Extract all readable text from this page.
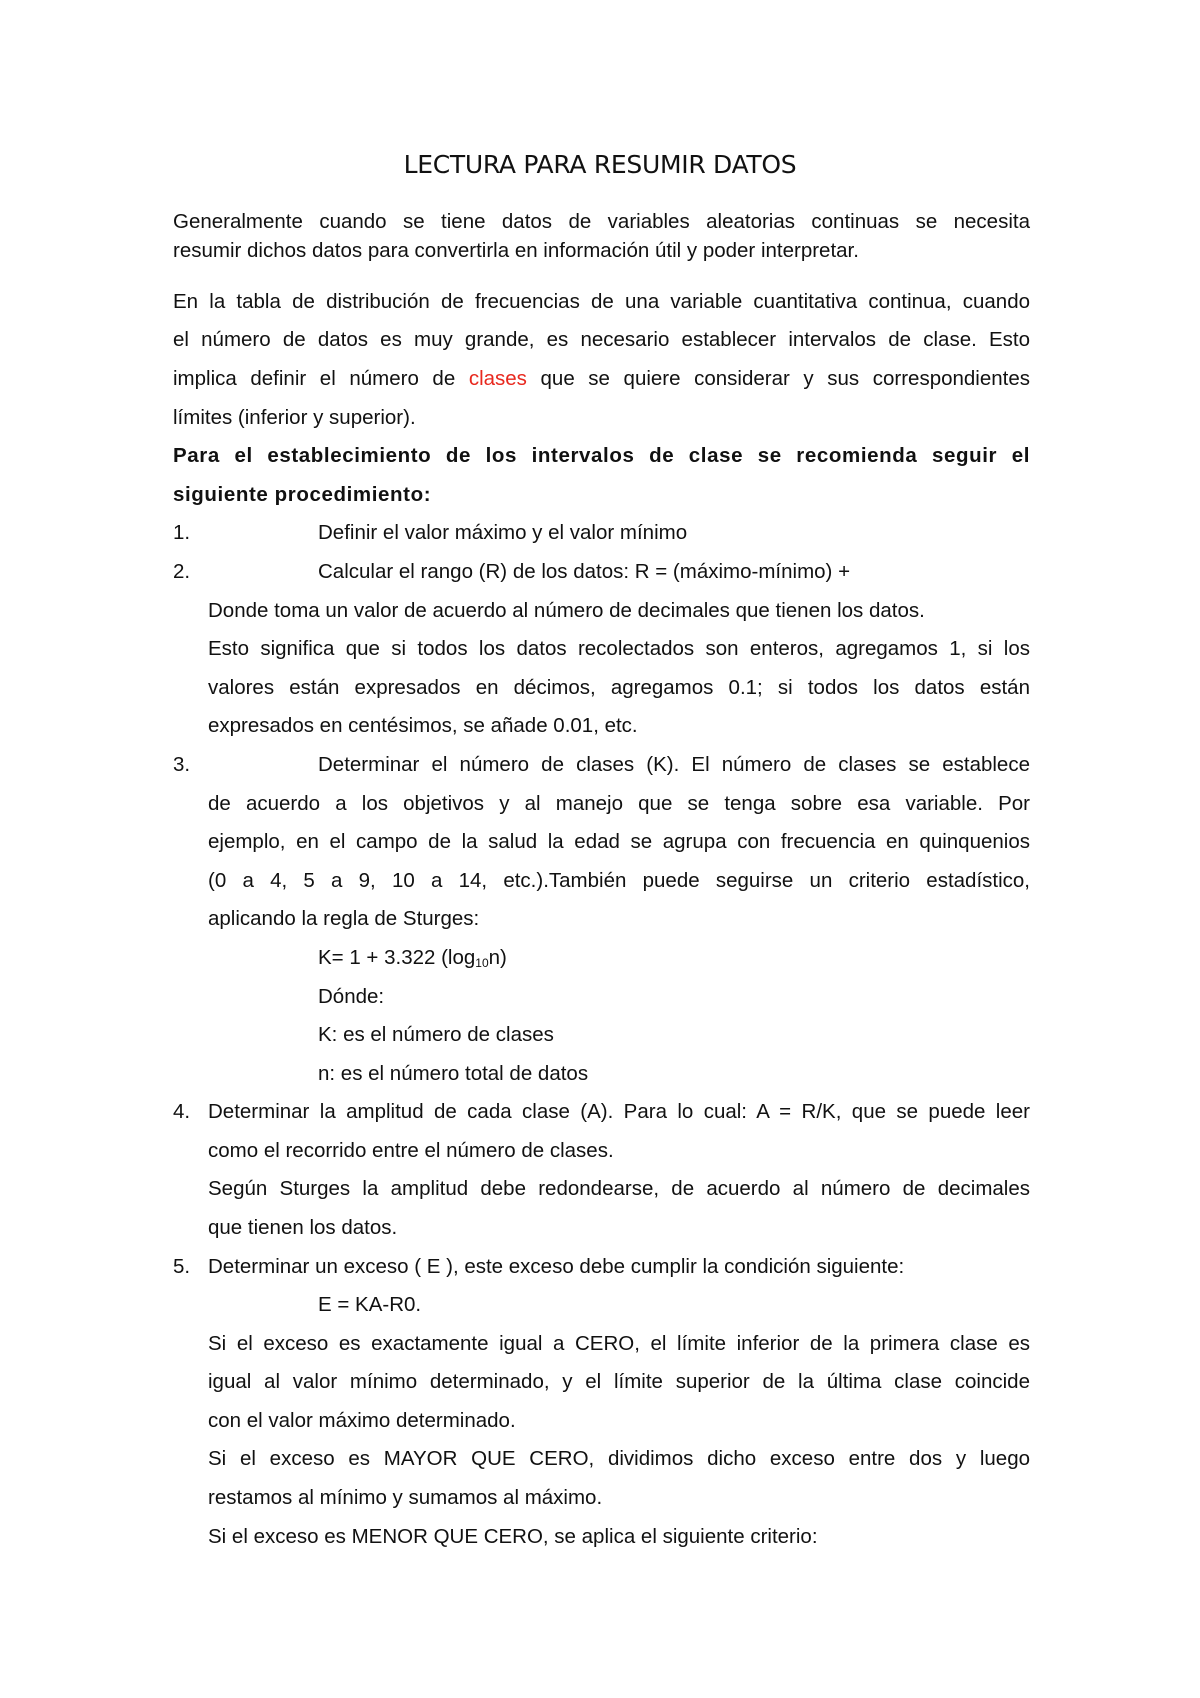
LECTURA PARA RESUMIR DATOS
Generalmente cuando se tiene datos de variables aleatorias continuas se necesita
resumir dichos datos para convertirla en información útil y poder interpretar.
En la tabla de distribución de frecuencias de una variable cuantitativa continua, cuando
el número de datos es muy grande, es necesario establecer intervalos de clase. Esto
implica definir el número de clases que se quiere considerar y sus correspondientes
límites (inferior y superior).
Para el establecimiento de los intervalos de clase se recomienda seguir el
siguiente procedimiento:
1.	Definir el valor máximo y el valor mínimo
2.	Calcular el rango (R) de los datos: R = (máximo-mínimo) +
Donde toma un valor de acuerdo al número de decimales que tienen los datos.
Esto significa que si todos los datos recolectados son enteros, agregamos 1, si los
valores están expresados en décimos, agregamos 0.1; si todos los datos están
expresados en centésimos, se añade 0.01, etc.
3.	Determinar el número de clases (K). El número de clases se establece
de acuerdo a los objetivos y al manejo que se tenga sobre esa variable. Por
ejemplo, en el campo de la salud la edad se agrupa con frecuencia en quinquenios
(0 a 4, 5 a 9, 10 a 14, etc.).También puede seguirse un criterio estadístico,
aplicando la regla de Sturges:
K= 1 + 3.322 $(\log_{10}n)$
Dónde:
K: es el número de clases
n: es el número total de datos
4. Determinar la amplitud de cada clase (A). Para lo cual: A = R/K, que se puede leer
como el recorrido entre el número de clases.
Según Sturges la amplitud debe redondearse, de acuerdo al número de decimales
que tienen los datos.
5. Determinar un exceso ( E ), este exceso debe cumplir la condición siguiente:
E = KA-R0.
Si el exceso es exactamente igual a CERO, el límite inferior de la primera clase es
igual al valor mínimo determinado, y el límite superior de la última clase coincide
con el valor máximo determinado.
Si el exceso es MAYOR QUE CERO, dividimos dicho exceso entre dos y luego
restamos al mínimo y sumamos al máximo.
Si el exceso es MENOR QUE CERO, se aplica el siguiente criterio:
